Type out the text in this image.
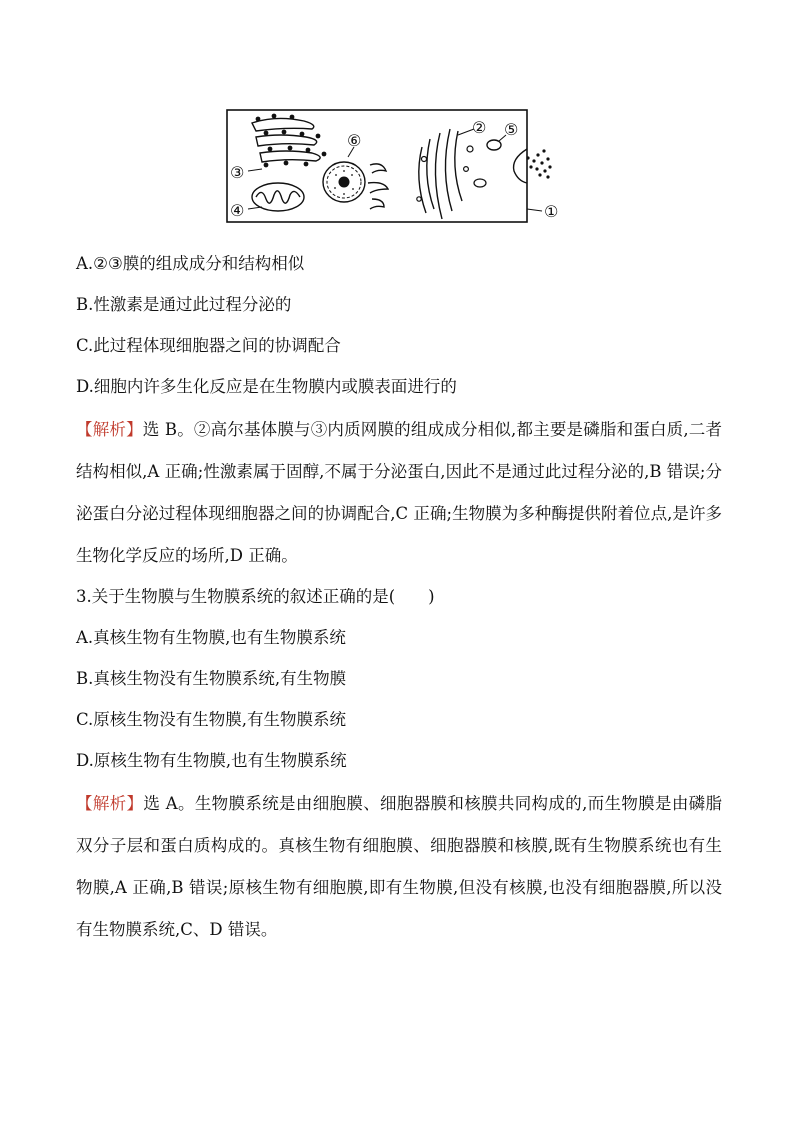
③
④
⑥
② ⑤
①
A.②③膜的组成成分和结构相似
B.性激素是通过此过程分泌的
C.此过程体现细胞器之间的协调配合
D.细胞内许多生化反应是在生物膜内或膜表面进行的
【解析】选 B。②高尔基体膜与③内质网膜的组成成分相似,都主要是磷脂和蛋白质,二者结构相似,A 正确;性激素属于固醇,不属于分泌蛋白,因此不是通过此过程分泌的,B 错误;分泌蛋白分泌过程体现细胞器之间的协调配合,C 正确;生物膜为多种酶提供附着位点,是许多生物化学反应的场所,D 正确。
3.关于生物膜与生物膜系统的叙述正确的是(　　)
A.真核生物有生物膜,也有生物膜系统
B.真核生物没有生物膜系统,有生物膜
C.原核生物没有生物膜,有生物膜系统
D.原核生物有生物膜,也有生物膜系统
【解析】选 A。生物膜系统是由细胞膜、细胞器膜和核膜共同构成的,而生物膜是由磷脂双分子层和蛋白质构成的。真核生物有细胞膜、细胞器膜和核膜,既有生物膜系统也有生物膜,A 正确,B 错误;原核生物有细胞膜,即有生物膜,但没有核膜,也没有细胞器膜,所以没有生物膜系统,C、D 错误。
